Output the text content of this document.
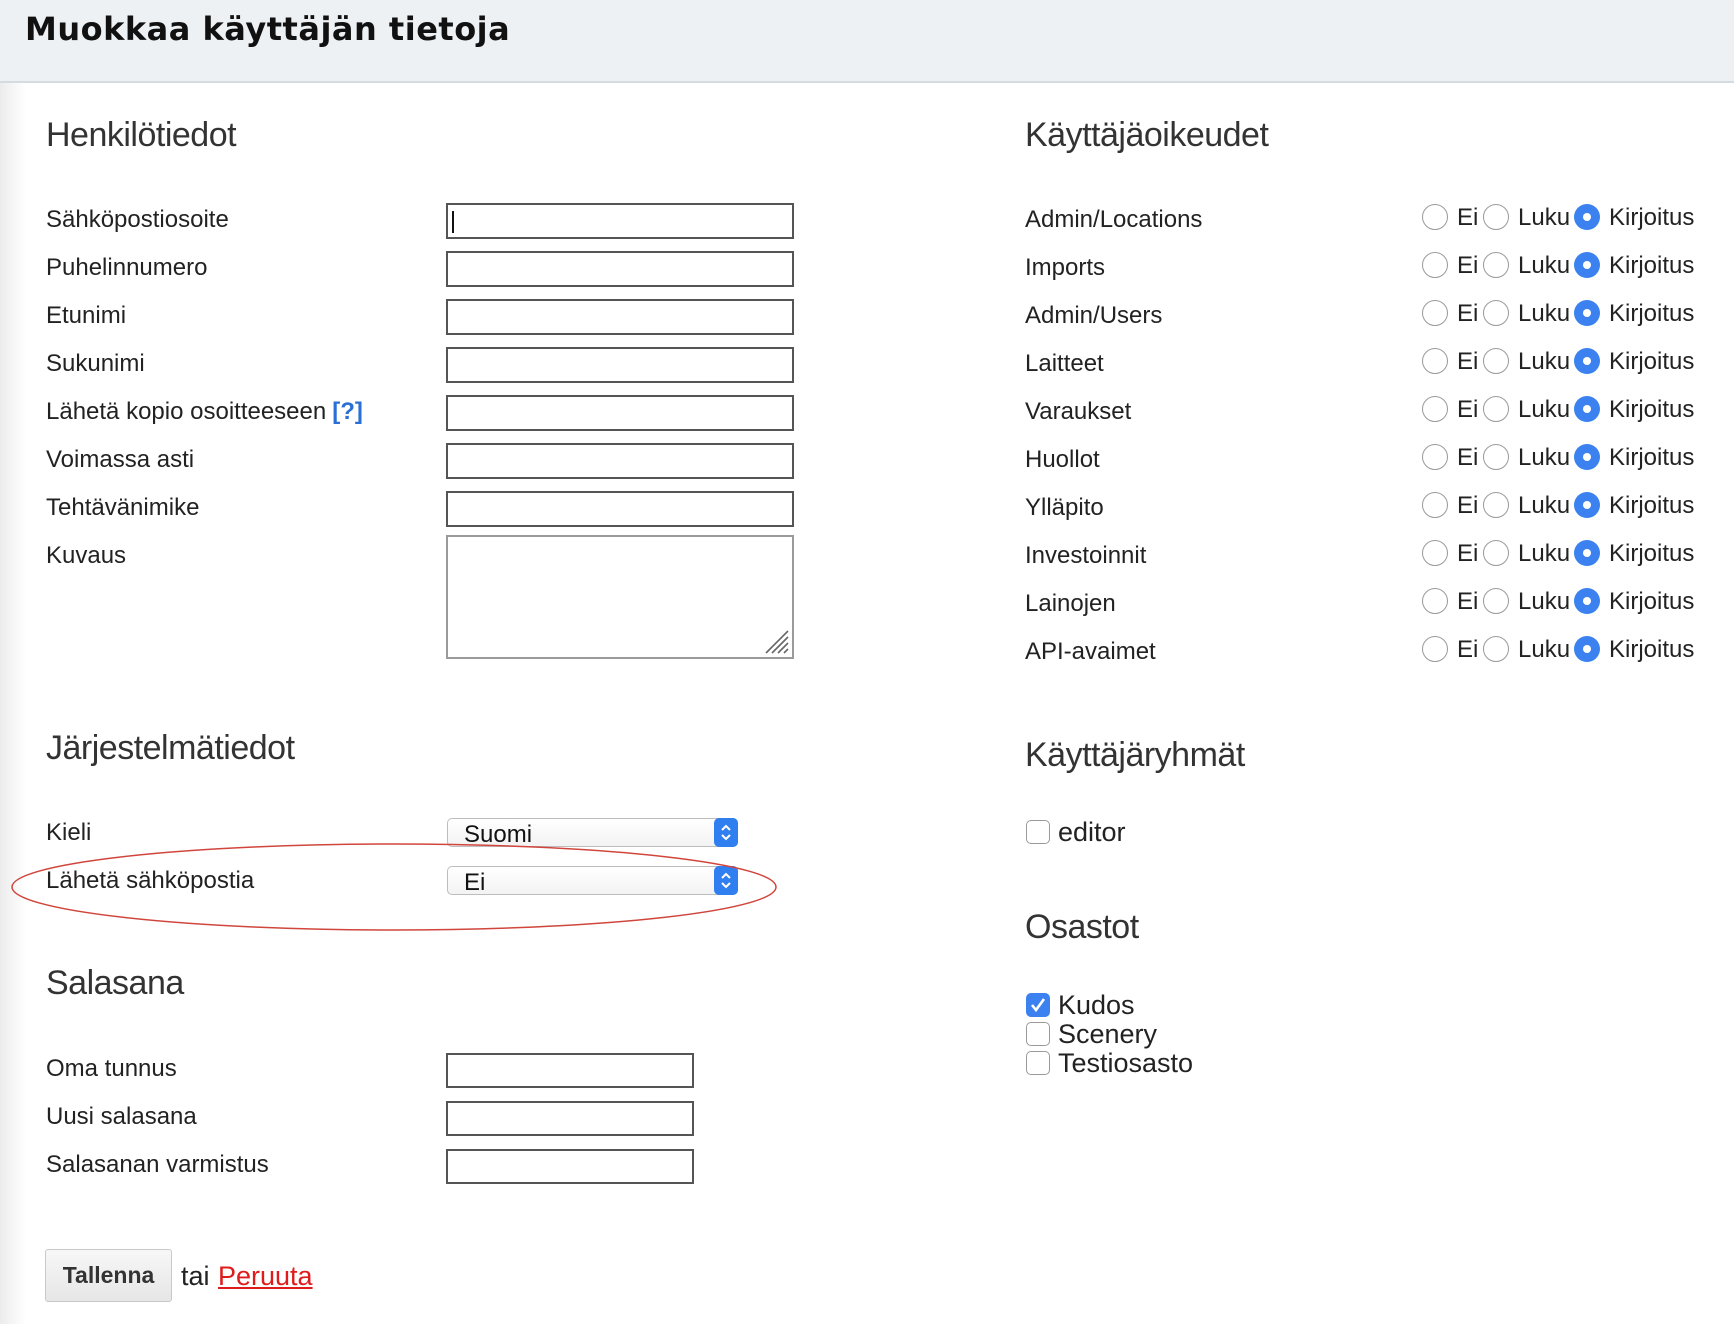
Muokkaa käyttäjän tietoja
Henkilötiedot
Sähköpostiosoite
Puhelinnumero
Etunimi
Sukunimi
Lähetä kopio osoitteeseen [?]
Voimassa asti
Tehtävänimike
Kuvaus
Järjestelmätiedot
Kieli	Suomi
Lähetä sähköpostia	Ei
Salasana
Oma tunnus
Uusi salasana
Salasanan varmistus
Tallenna tai Peruuta
Käyttäjäoikeudet
Admin/Locations	Ei Luku Kirjoitus
Imports	Ei Luku Kirjoitus
Admin/Users	Ei Luku Kirjoitus
Laitteet	Ei Luku Kirjoitus
Varaukset	Ei Luku Kirjoitus
Huollot	Ei Luku Kirjoitus
Ylläpito	Ei Luku Kirjoitus
Investoinnit	Ei Luku Kirjoitus
Lainojen	Ei Luku Kirjoitus
API-avaimet	Ei Luku Kirjoitus
Käyttäjäryhmät
editor
Osastot
Kudos
Scenery
Testiosasto
